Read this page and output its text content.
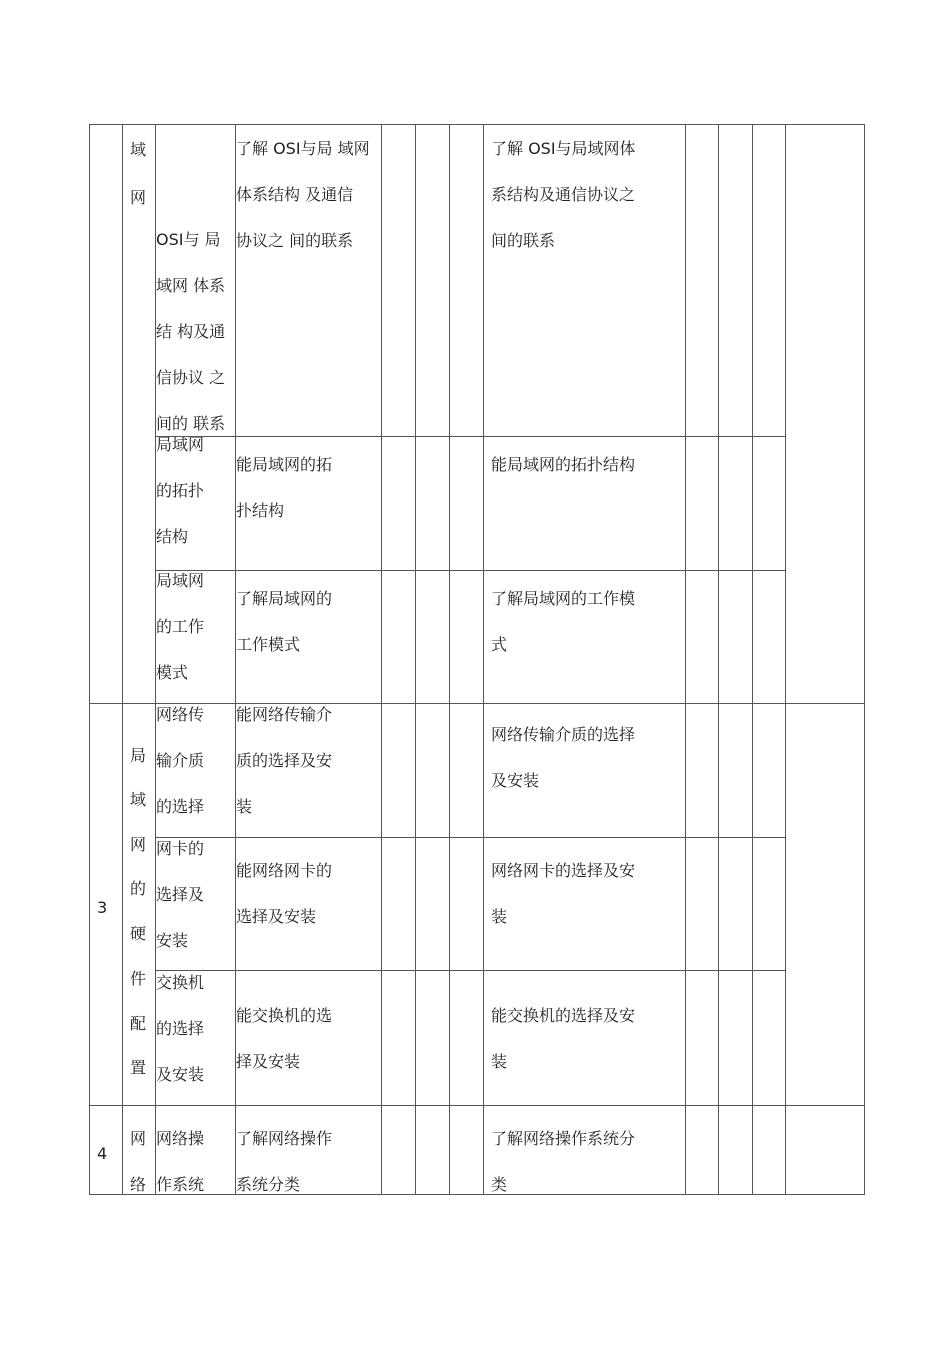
域
网
OSI与 局
域网 体系
结 构及通
信协议 之
间的 联系
了解 OSI与局 域网
体系结构 及通信
协议之 间的联系
了解 OSI与局域网体
系结构及通信协议之
间的联系
局域网
的拓扑
结构
能局域网的拓
扑结构
能局域网的拓扑结构
局域网
的工作
模式
了解局域网的
工作模式
了解局域网的工作模
式
3
局
域
网
的
硬
件
配
置
网络传
输介质
的选择
能网络传输介
质的选择及安
装
网络传输介质的选择
及安装
网卡的
选择及
安装
能网络网卡的
选择及安装
网络网卡的选择及安
装
交换机
的选择
及安装
能交换机的选
择及安装
能交换机的选择及安
装
4
网
络
网络操
作系统
了解网络操作
系统分类
了解网络操作系统分
类
